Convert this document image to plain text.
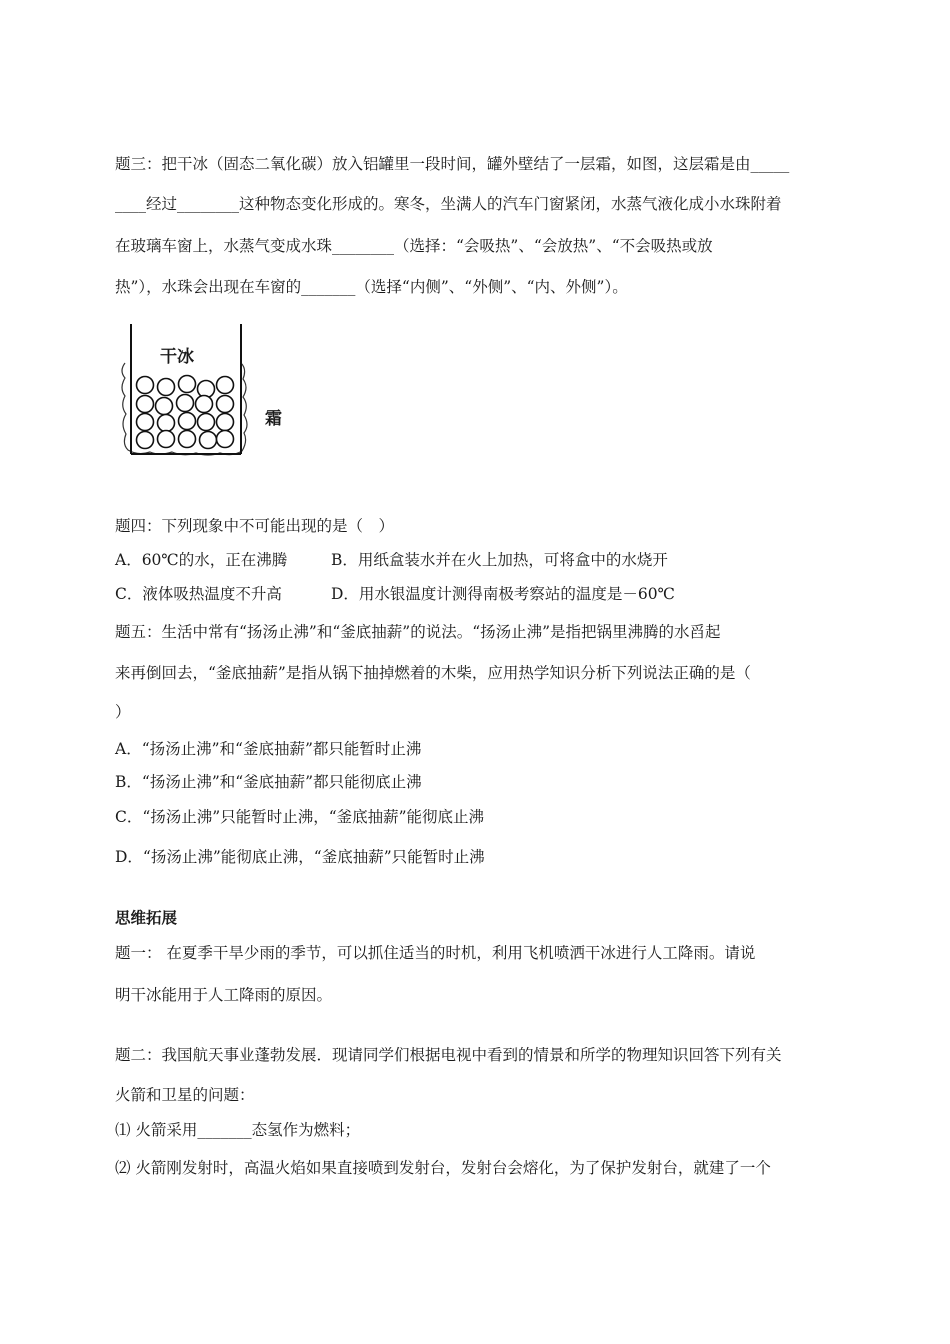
题三：把干冰（固态二氧化碳）放入铝罐里一段时间，罐外壁结了一层霜，如图，这层霜是由_____

____经过________这种物态变化形成的。寒冬，坐满人的汽车门窗紧闭，水蒸气液化成小水珠附着

在玻璃车窗上，水蒸气变成水珠________（选择：“会吸热”、“会放热”、“不会吸热或放

热”），水珠会出现在车窗的_______（选择“内侧”、“外侧”、“内、外侧”）。

干冰
霜

题四：下列现象中不可能出现的是（　）

A．60℃的水，正在沸腾	B．用纸盒装水并在火上加热，可将盒中的水烧开

C．液体吸热温度不升高	D．用水银温度计测得南极考察站的温度是－60℃

题五：生活中常有“扬汤止沸”和“釜底抽薪”的说法。“扬汤止沸”是指把锅里沸腾的水舀起

来再倒回去，“釜底抽薪”是指从锅下抽掉燃着的木柴，应用热学知识分析下列说法正确的是（

）

A．“扬汤止沸”和“釜底抽薪”都只能暂时止沸

B．“扬汤止沸”和“釜底抽薪”都只能彻底止沸

C．“扬汤止沸”只能暂时止沸，“釜底抽薪”能彻底止沸

D．“扬汤止沸”能彻底止沸，“釜底抽薪”只能暂时止沸

思维拓展

题一： 在夏季干旱少雨的季节，可以抓住适当的时机，利用飞机喷洒干冰进行人工降雨。请说

明干冰能用于人工降雨的原因。

题二：我国航天事业蓬勃发展．现请同学们根据电视中看到的情景和所学的物理知识回答下列有关

火箭和卫星的问题：

⑴ 火箭采用_______态氢作为燃料；

⑵ 火箭刚发射时，高温火焰如果直接喷到发射台，发射台会熔化，为了保护发射台，就建了一个
